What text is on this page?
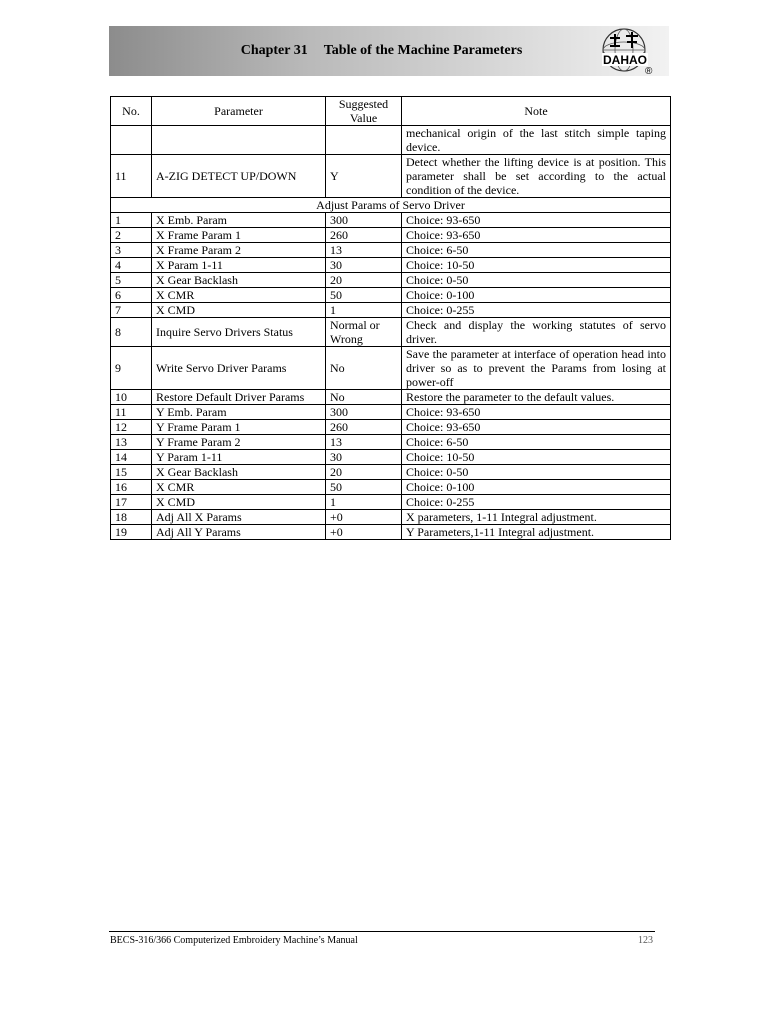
Chapter 31 Table of the Machine Parameters
DAHAO
®
No.	Parameter	Suggested Value	Note
			mechanical origin of the last stitch simple taping device.
11	A-ZIG DETECT UP/DOWN	Y	Detect whether the lifting device is at position. This parameter shall be set according to the actual condition of the device.
Adjust Params of Servo Driver			
1	X Emb. Param	300	Choice: 93-650
2	X Frame Param 1	260	Choice: 93-650
3	X Frame Param 2	13	Choice: 6-50
4	X Param 1-11	30	Choice: 10-50
5	X Gear Backlash	20	Choice: 0-50
6	X CMR	50	Choice: 0-100
7	X CMD	1	Choice: 0-255
8	Inquire Servo Drivers Status	Normal or Wrong	Check and display the working statutes of servo driver.
9	Write Servo Driver Params	No	Save the parameter at interface of operation head into driver so as to prevent the Params from losing at power-off
10	Restore Default Driver Params	No	Restore the parameter to the default values.
11	Y Emb. Param	300	Choice: 93-650
12	Y Frame Param 1	260	Choice: 93-650
13	Y Frame Param 2	13	Choice: 6-50
14	Y Param 1-11	30	Choice: 10-50
15	X Gear Backlash	20	Choice: 0-50
16	X CMR	50	Choice: 0-100
17	X CMD	1	Choice: 0-255
18	Adj All X Params	+0	X parameters, 1-11 Integral adjustment.
19	Adj All Y Params	+0	Y Parameters,1-11 Integral adjustment.
BECS-316/366 Computerized Embroidery Machine’s Manual	123
